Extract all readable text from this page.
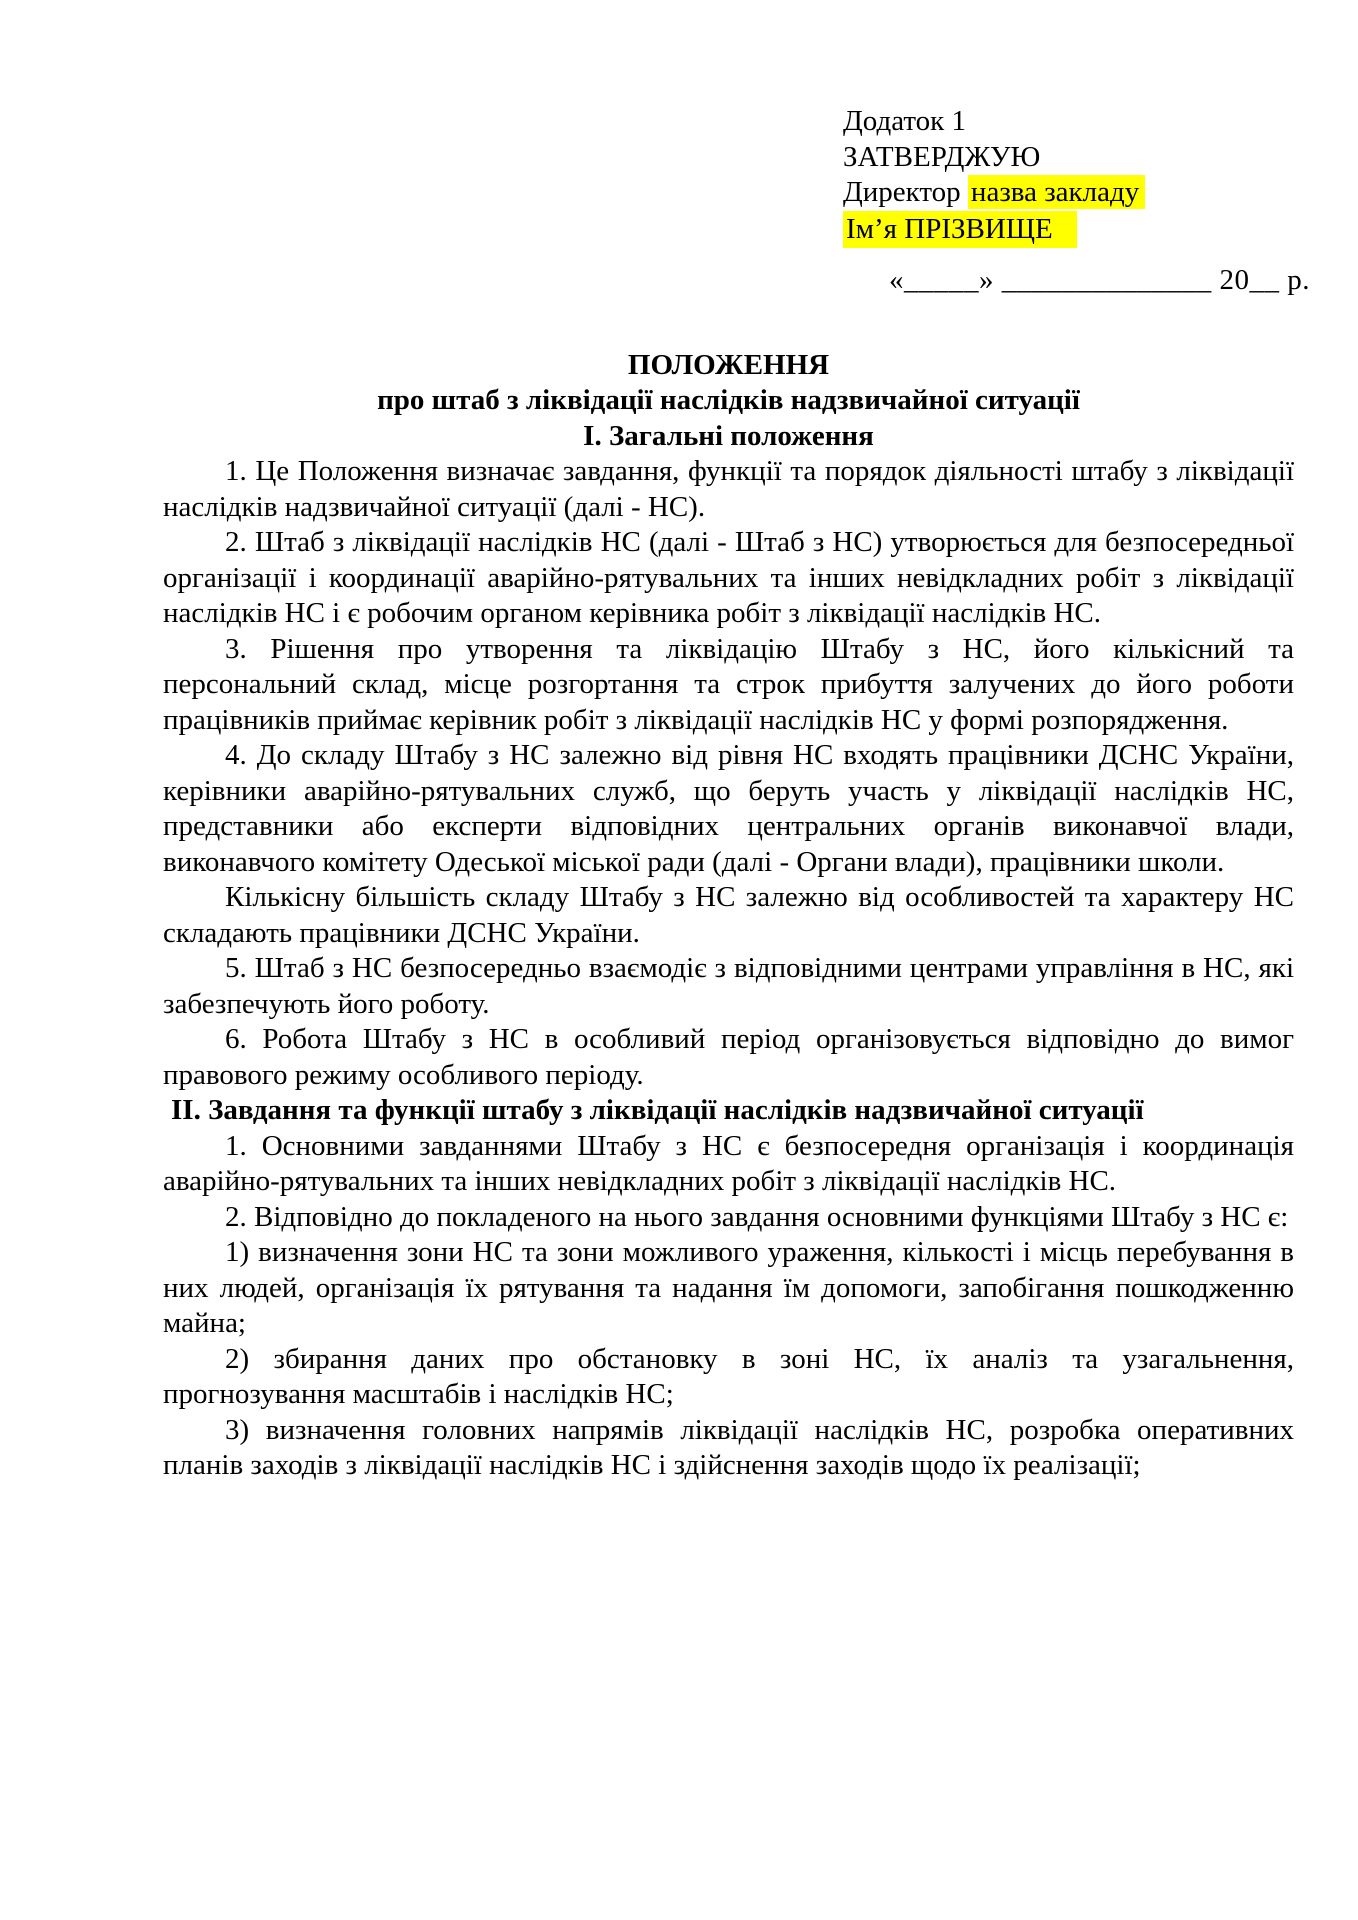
Додаток 1
ЗАТВЕРДЖУЮ
Директор назва закладу
Ім’я ПРІЗВИЩЕ
«_____» ______________ 20__ р.
ПОЛОЖЕННЯ
про штаб з ліквідації наслідків надзвичайної ситуації
І. Загальні положення

1. Це Положення визначає завдання, функції та порядок діяльності штабу з ліквідації наслідків надзвичайної ситуації (далі - НС).

2. Штаб з ліквідації наслідків НС (далі - Штаб з НС) утворюється для безпосередньої організації і координації аварійно-рятувальних та інших невідкладних робіт з ліквідації наслідків НС і є робочим органом керівника робіт з ліквідації наслідків НС.

3. Рішення про утворення та ліквідацію Штабу з НС, його кількісний та персональний склад, місце розгортання та строк прибуття залучених до його роботи працівників приймає керівник робіт з ліквідації наслідків НС у формі розпорядження.

4. До складу Штабу з НС залежно від рівня НС входять працівники ДСНС України, керівники аварійно-рятувальних служб, що беруть участь у ліквідації наслідків НС, представники або експерти відповідних центральних органів виконавчої влади, виконавчого комітету Одеської міської ради (далі - Органи влади), працівники школи.

Кількісну більшість складу Штабу з НС залежно від особливостей та характеру НС складають працівники ДСНС України.

5. Штаб з НС безпосередньо взаємодіє з відповідними центрами управління в НС, які забезпечують його роботу.

6. Робота Штабу з НС в особливий період організовується відповідно до вимог правового режиму особливого періоду.

ІІ. Завдання та функції штабу з ліквідації наслідків надзвичайної ситуації

1. Основними завданнями Штабу з НС є безпосередня організація і координація аварійно-рятувальних та інших невідкладних робіт з ліквідації наслідків НС.

2. Відповідно до покладеного на нього завдання основними функціями Штабу з НС є:

1) визначення зони НС та зони можливого ураження, кількості і місць перебування в них людей, організація їх рятування та надання їм допомоги, запобігання пошкодженню майна;

2) збирання даних про обстановку в зоні НС, їх аналіз та узагальнення, прогнозування масштабів і наслідків НС;

3) визначення головних напрямів ліквідації наслідків НС, розробка оперативних планів заходів з ліквідації наслідків НС і здійснення заходів щодо їх реалізації;
